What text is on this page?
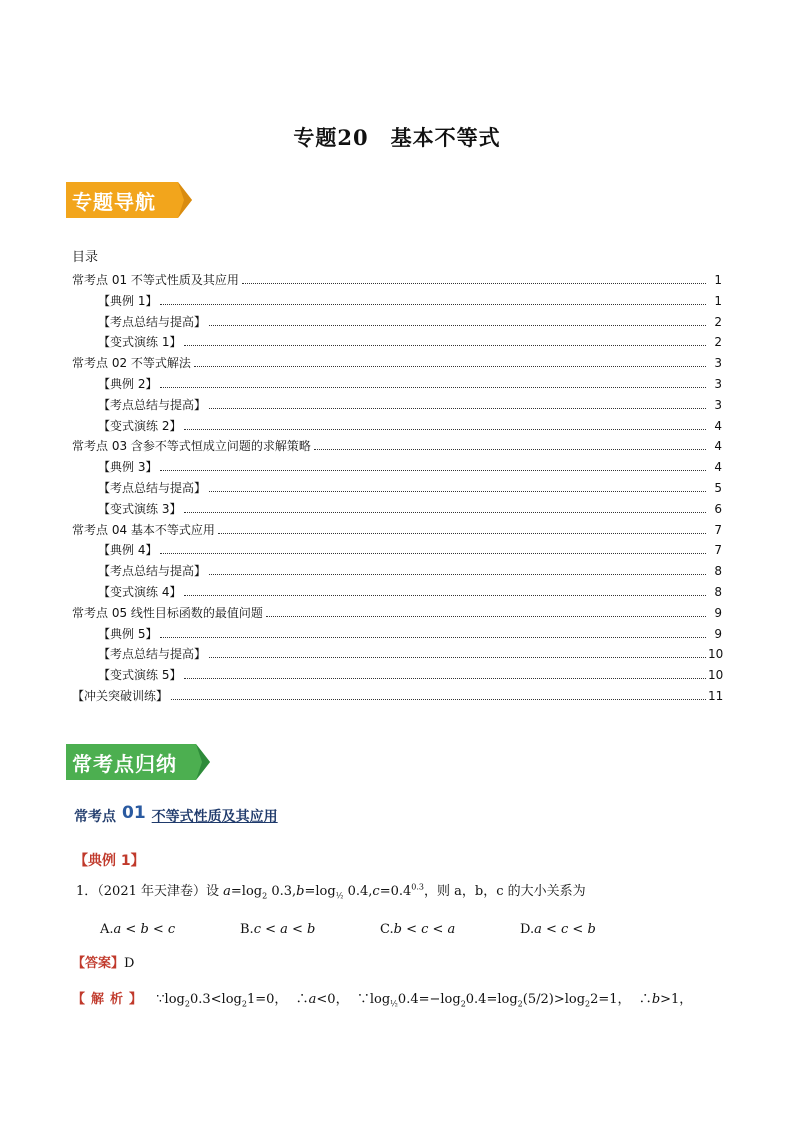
专题20　基本不等式
专题导航
目录
常考点 01 不等式性质及其应用	1
【典例 1】	1
【考点总结与提高】	2
【变式演练 1】	2
常考点 02 不等式解法	3
【典例 2】	3
【考点总结与提高】	3
【变式演练 2】	4
常考点 03 含参不等式恒成立问题的求解策略	4
【典例 3】	4
【考点总结与提高】	5
【变式演练 3】	6
常考点 04 基本不等式应用	7
【典例 4】	7
【考点总结与提高】	8
【变式演练 4】	8
常考点 05 线性目标函数的最值问题	9
【典例 5】	9
【考点总结与提高】	10
【变式演练 5】	10
【冲关突破训练】	11
常考点归纳
常考点 01 不等式性质及其应用
【典例 1】
1．（2021 年天津卷）设 $a=\log_2$ $0.3,b=\log_{\frac{1}{2}}$ $0.4,c=0.4^{0.3}$，则 a，b，c 的大小关系为
A.a < b < c	B.c < a < b	C.b < c < a	D.a < c < b
【答案】D
【解析】  $\because\log_20.3<\log_21=0$，  ∴a<0，  $\because\log_{\frac{1}{2}}0.4=-\log_20.4=\log_2(5/2)>\log_22=1$，  ∴b>1，
